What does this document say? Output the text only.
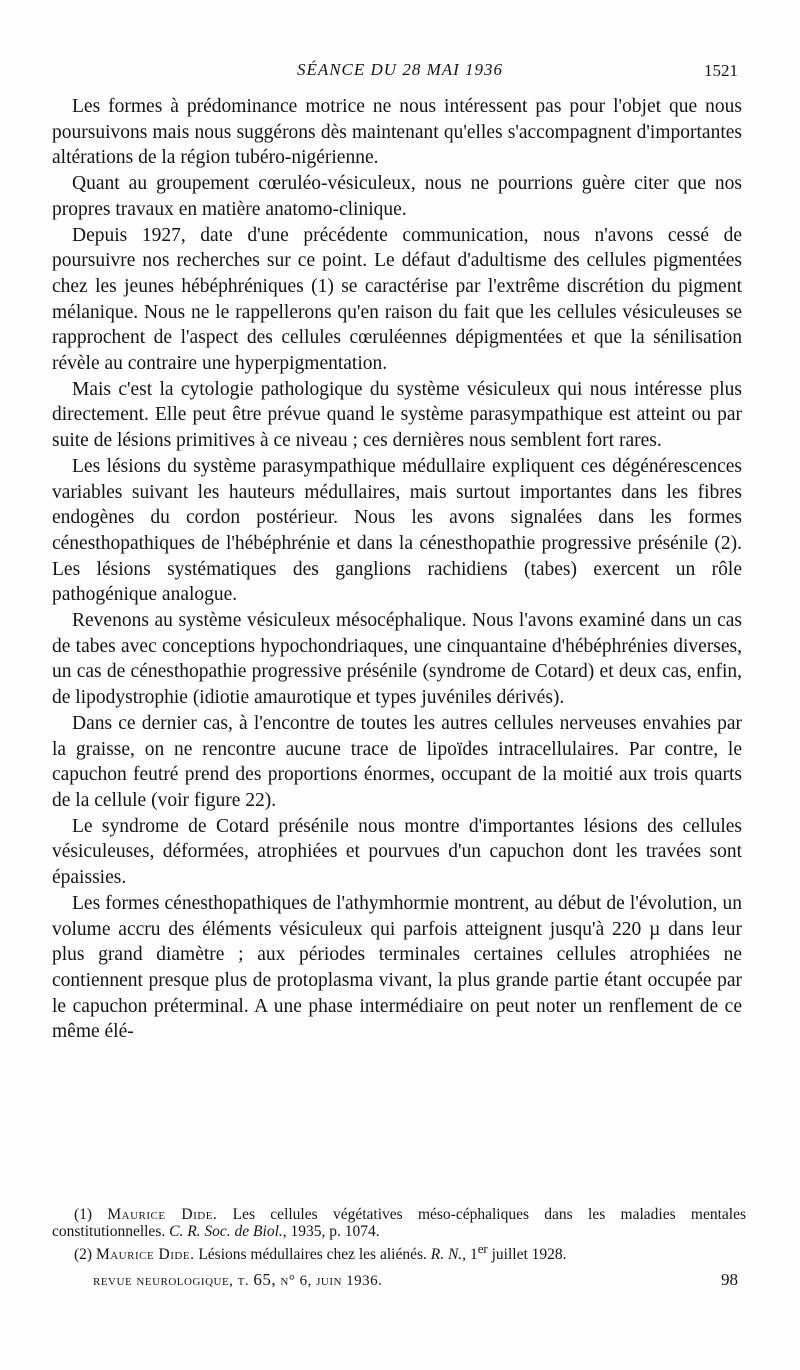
SÉANCE DU 28 MAI 1936	1521

Les formes à prédominance motrice ne nous intéressent pas pour l'objet que nous poursuivons mais nous suggérons dès maintenant qu'elles s'accompagnent d'importantes altérations de la région tubéro-nigérienne.

Quant au groupement cœruléo-vésiculeux, nous ne pourrions guère citer que nos propres travaux en matière anatomo-clinique.

Depuis 1927, date d'une précédente communication, nous n'avons cessé de poursuivre nos recherches sur ce point. Le défaut d'adultisme des cellules pigmentées chez les jeunes hébéphréniques (1) se caractérise par l'extrême discrétion du pigment mélanique. Nous ne le rappellerons qu'en raison du fait que les cellules vésiculeuses se rapprochent de l'aspect des cellules cœruléennes dépigmentées et que la sénilisation révèle au contraire une hyperpigmentation.

Mais c'est la cytologie pathologique du système vésiculeux qui nous intéresse plus directement. Elle peut être prévue quand le système parasympathique est atteint ou par suite de lésions primitives à ce niveau ; ces dernières nous semblent fort rares.

Les lésions du système parasympathique médullaire expliquent ces dégénérescences variables suivant les hauteurs médullaires, mais surtout importantes dans les fibres endogènes du cordon postérieur. Nous les avons signalées dans les formes cénesthopathiques de l'hébéphrénie et dans la cénesthopathie progressive présénile (2). Les lésions systématiques des ganglions rachidiens (tabes) exercent un rôle pathogénique analogue.

Revenons au système vésiculeux mésocéphalique. Nous l'avons examiné dans un cas de tabes avec conceptions hypochondriaques, une cinquantaine d'hébéphrénies diverses, un cas de cénesthopathie progressive présénile (syndrome de Cotard) et deux cas, enfin, de lipodystrophie (idiotie amaurotique et types juvéniles dérivés).

Dans ce dernier cas, à l'encontre de toutes les autres cellules nerveuses envahies par la graisse, on ne rencontre aucune trace de lipoïdes intracellulaires. Par contre, le capuchon feutré prend des proportions énormes, occupant de la moitié aux trois quarts de la cellule (voir figure 22).

Le syndrome de Cotard présénile nous montre d'importantes lésions des cellules vésiculeuses, déformées, atrophiées et pourvues d'un capuchon dont les travées sont épaissies.

Les formes cénesthopathiques de l'athymhormie montrent, au début de l'évolution, un volume accru des éléments vésiculeux qui parfois atteignent jusqu'à 220 µ dans leur plus grand diamètre ; aux périodes terminales certaines cellules atrophiées ne contiennent presque plus de protoplasma vivant, la plus grande partie étant occupée par le capuchon préterminal. A une phase intermédiaire on peut noter un renflement de ce même élé-

(1) Maurice Dide. Les cellules végétatives méso-céphaliques dans les maladies mentales constitutionnelles. C. R. Soc. de Biol., 1935, p. 1074.

(2) Maurice Dide. Lésions médullaires chez les aliénés. R. N., 1er juillet 1928.

revue neurologique, t. 65, n° 6, juin 1936.	98
